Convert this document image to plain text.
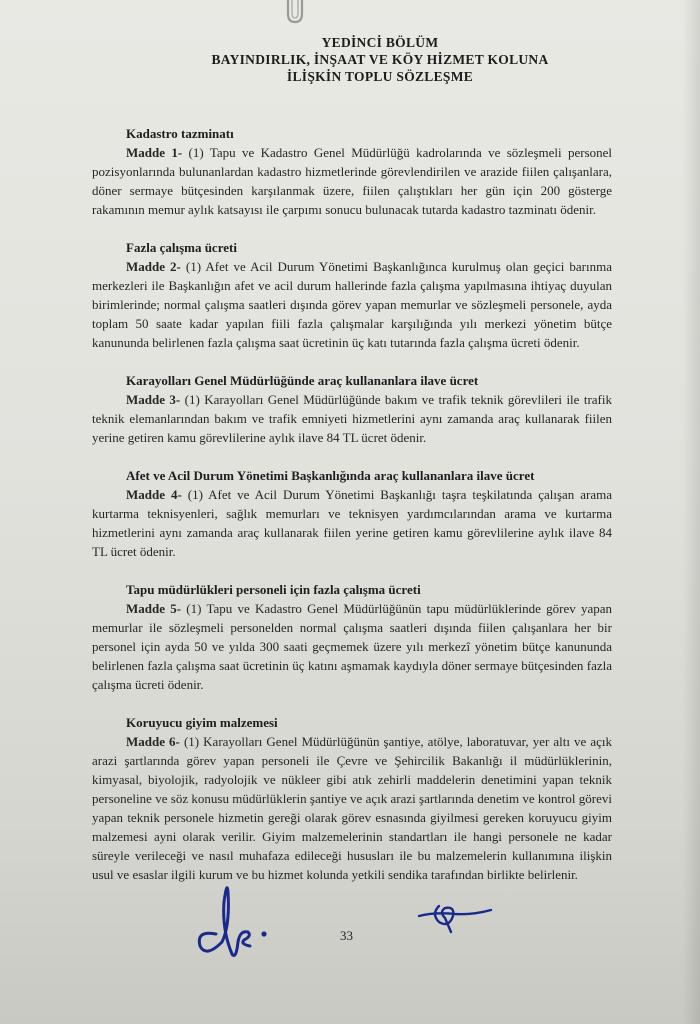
YEDİNCİ BÖLÜM
BAYINDIRLIK, İNŞAAT VE KÖY HİZMET KOLUNA
İLİŞKİN TOPLU SÖZLEŞME

Kadastro tazminatı

Madde 1- (1) Tapu ve Kadastro Genel Müdürlüğü kadrolarında ve sözleşmeli personel pozisyonlarında bulunanlardan kadastro hizmetlerinde görevlendirilen ve arazide fiilen çalışanlara, döner sermaye bütçesinden karşılanmak üzere, fiilen çalıştıkları her gün için 200 gösterge rakamının memur aylık katsayısı ile çarpımı sonucu bulunacak tutarda kadastro tazminatı ödenir.

Fazla çalışma ücreti

Madde 2- (1) Afet ve Acil Durum Yönetimi Başkanlığınca kurulmuş olan geçici barınma merkezleri ile Başkanlığın afet ve acil durum hallerinde fazla çalışma yapılmasına ihtiyaç duyulan birimlerinde; normal çalışma saatleri dışında görev yapan memurlar ve sözleşmeli personele, ayda toplam 50 saate kadar yapılan fiili fazla çalışmalar karşılığında yılı merkezi yönetim bütçe kanununda belirlenen fazla çalışma saat ücretinin üç katı tutarında fazla çalışma ücreti ödenir.

Karayolları Genel Müdürlüğünde araç kullananlara ilave ücret

Madde 3- (1) Karayolları Genel Müdürlüğünde bakım ve trafik teknik görevlileri ile trafik teknik elemanlarından bakım ve trafik emniyeti hizmetlerini aynı zamanda araç kullanarak fiilen yerine getiren kamu görevlilerine aylık ilave 84 TL ücret ödenir.

Afet ve Acil Durum Yönetimi Başkanlığında araç kullananlara ilave ücret

Madde 4- (1) Afet ve Acil Durum Yönetimi Başkanlığı taşra teşkilatında çalışan arama kurtarma teknisyenleri, sağlık memurları ve teknisyen yardımcılarından arama ve kurtarma hizmetlerini aynı zamanda araç kullanarak fiilen yerine getiren kamu görevlilerine aylık ilave 84 TL ücret ödenir.

Tapu müdürlükleri personeli için fazla çalışma ücreti

Madde 5- (1) Tapu ve Kadastro Genel Müdürlüğünün tapu müdürlüklerinde görev yapan memurlar ile sözleşmeli personelden normal çalışma saatleri dışında fiilen çalışanlara her bir personel için ayda 50 ve yılda 300 saati geçmemek üzere yılı merkezî yönetim bütçe kanununda belirlenen fazla çalışma saat ücretinin üç katını aşmamak kaydıyla döner sermaye bütçesinden fazla çalışma ücreti ödenir.

Koruyucu giyim malzemesi

Madde 6- (1) Karayolları Genel Müdürlüğünün şantiye, atölye, laboratuvar, yer altı ve açık arazi şartlarında görev yapan personeli ile Çevre ve Şehircilik Bakanlığı il müdürlüklerinin, kimyasal, biyolojik, radyolojik ve nükleer gibi atık zehirli maddelerin denetimini yapan teknik personeline ve söz konusu müdürlüklerin şantiye ve açık arazi şartlarında denetim ve kontrol görevi yapan teknik personele hizmetin gereği olarak görev esnasında giyilmesi gereken koruyucu giyim malzemesi ayni olarak verilir. Giyim malzemelerinin standartları ile hangi personele ne kadar süreyle verileceği ve nasıl muhafaza edileceği hususları ile bu malzemelerin kullanımına ilişkin usul ve esaslar ilgili kurum ve bu hizmet kolunda yetkili sendika tarafından birlikte belirlenir.

33
